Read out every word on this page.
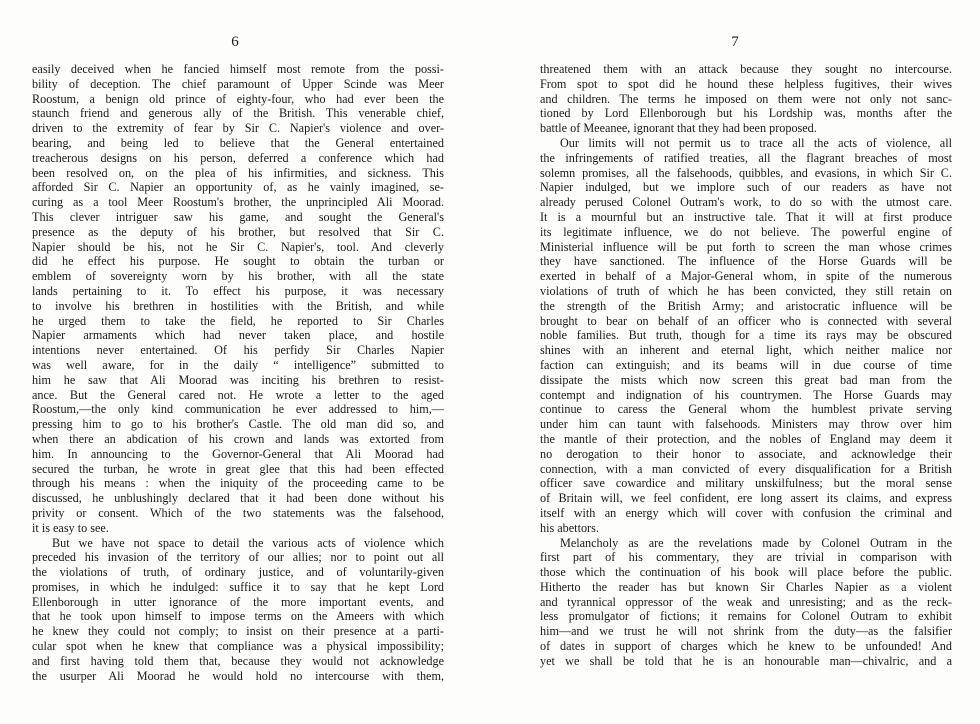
6
easily deceived when he fancied himself most remote from the possi-
bility of deception. The chief paramount of Upper Scinde was Meer
Roostum, a benign old prince of eighty-four, who had ever been the
staunch friend and generous ally of the British. This venerable chief,
driven to the extremity of fear by Sir C. Napier's violence and over-
bearing, and being led to believe that the General entertained
treacherous designs on his person, deferred a conference which had
been resolved on, on the plea of his infirmities, and sickness. This
afforded Sir C. Napier an opportunity of, as he vainly imagined, se-
curing as a tool Meer Roostum's brother, the unprincipled Ali Moorad.
This clever intriguer saw his game, and sought the General's
presence as the deputy of his brother, but resolved that Sir C.
Napier should be his, not he Sir C. Napier's, tool. And cleverly
did he effect his purpose. He sought to obtain the turban or
emblem of sovereignty worn by his brother, with all the state
lands pertaining to it. To effect his purpose, it was necessary
to involve his brethren in hostilities with the British, and while
he urged them to take the field, he reported to Sir Charles
Napier armaments which had never taken place, and hostile
intentions never entertained. Of his perfidy Sir Charles Napier
was well aware, for in the daily “ intelligence” submitted to
him he saw that Ali Moorad was inciting his brethren to resist-
ance. But the General cared not. He wrote a letter to the aged
Roostum,—the only kind communication he ever addressed to him,—
pressing him to go to his brother's Castle. The old man did so, and
when there an abdication of his crown and lands was extorted from
him. In announcing to the Governor-General that Ali Moorad had
secured the turban, he wrote in great glee that this had been effected
through his means : when the iniquity of the proceeding came to be
discussed, he unblushingly declared that it had been done without his
privity or consent. Which of the two statements was the falsehood,
it is easy to see.
But we have not space to detail the various acts of violence which
preceded his invasion of the territory of our allies; nor to point out all
the violations of truth, of ordinary justice, and of voluntarily-given
promises, in which he indulged: suffice it to say that he kept Lord
Ellenborough in utter ignorance of the more important events, and
that he took upon himself to impose terms on the Ameers with which
he knew they could not comply; to insist on their presence at a parti-
cular spot when he knew that compliance was a physical impossibility;
and first having told them that, because they would not acknowledge
the usurper Ali Moorad he would hold no intercourse with them,
7
threatened them with an attack because they sought no intercourse.
From spot to spot did he hound these helpless fugitives, their wives
and children. The terms he imposed on them were not only not sanc-
tioned by Lord Ellenborough but his Lordship was, months after the
battle of Meeanee, ignorant that they had been proposed.
Our limits will not permit us to trace all the acts of violence, all
the infringements of ratified treaties, all the flagrant breaches of most
solemn promises, all the falsehoods, quibbles, and evasions, in which Sir C.
Napier indulged, but we implore such of our readers as have not
already perused Colonel Outram's work, to do so with the utmost care.
It is a mournful but an instructive tale. That it will at first produce
its legitimate influence, we do not believe. The powerful engine of
Ministerial influence will be put forth to screen the man whose crimes
they have sanctioned. The influence of the Horse Guards will be
exerted in behalf of a Major-General whom, in spite of the numerous
violations of truth of which he has been convicted, they still retain on
the strength of the British Army; and aristocratic influence will be
brought to bear on behalf of an officer who is connected with several
noble families. But truth, though for a time its rays may be obscured
shines with an inherent and eternal light, which neither malice nor
faction can extinguish; and its beams will in due course of time
dissipate the mists which now screen this great bad man from the
contempt and indignation of his countrymen. The Horse Guards may
continue to caress the General whom the humblest private serving
under him can taunt with falsehoods. Ministers may throw over him
the mantle of their protection, and the nobles of England may deem it
no derogation to their honor to associate, and acknowledge their
connection, with a man convicted of every disqualification for a British
officer save cowardice and military unskilfulness; but the moral sense
of Britain will, we feel confident, ere long assert its claims, and express
itself with an energy which will cover with confusion the criminal and
his abettors.
Melancholy as are the revelations made by Colonel Outram in the
first part of his commentary, they are trivial in comparison with
those which the continuation of his book will place before the public.
Hitherto the reader has but known Sir Charles Napier as a violent
and tyrannical oppressor of the weak and unresisting; and as the reck-
less promulgator of fictions; it remains for Colonel Outram to exhibit
him—and we trust he will not shrink from the duty—as the falsifier
of dates in support of charges which he knew to be unfounded! And
yet we shall be told that he is an honourable man—chivalric, and a
